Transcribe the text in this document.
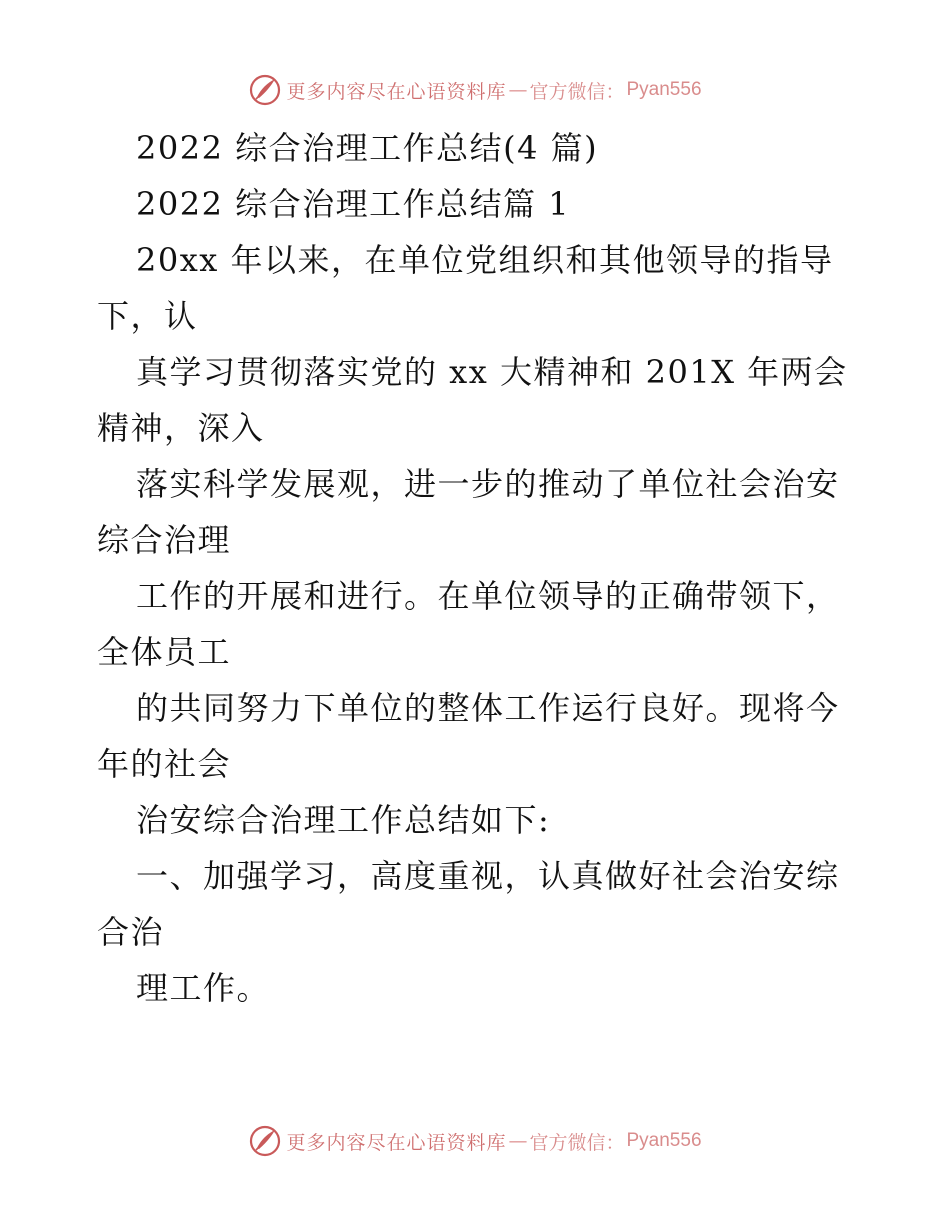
更多内容尽在心语资料库 — 官方微信： Pyan556
2022 综合治理工作总结(4 篇)
2022 综合治理工作总结篇 1
20xx 年以来，在单位党组织和其他领导的指导
下，认
真学习贯彻落实党的 xx 大精神和 201X 年两会
精神，深入
落实科学发展观，进一步的推动了单位社会治安
综合治理
工作的开展和进行。在单位领导的正确带领下，
全体员工
的共同努力下单位的整体工作运行良好。现将今
年的社会
治安综合治理工作总结如下:
一、加强学习，高度重视，认真做好社会治安综
合治
理工作。
更多内容尽在心语资料库 — 官方微信： Pyan556
